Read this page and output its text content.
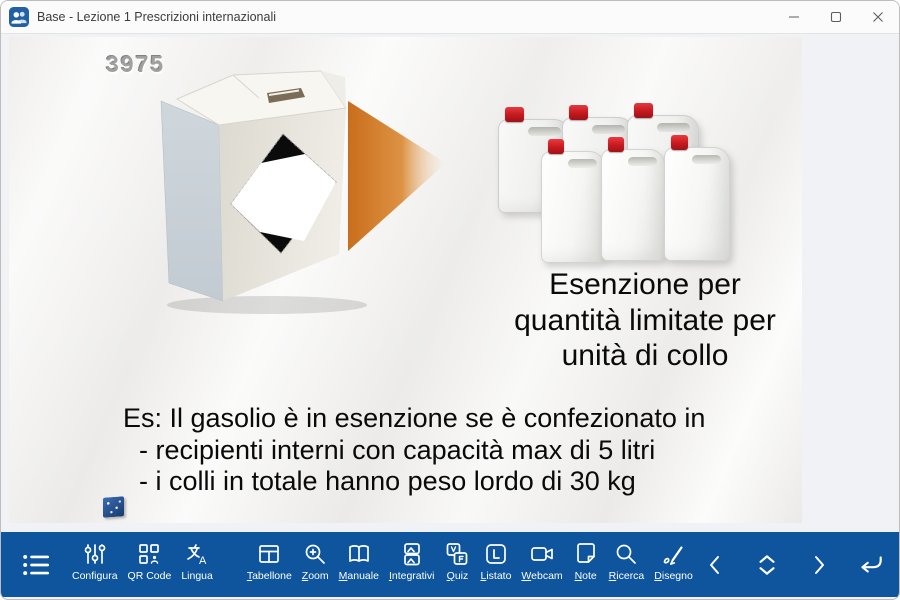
Base - Lezione 1 Prescrizioni internazionali
3975
Esenzione per
quantità limitate per
unità di collo
Es: Il gasolio è in esenzione se è confezionato in
- recipienti interni con capacità max di 5 litri
- i colli in totale hanno peso lordo di 30 kg
Configura QR Code
A
Lingua	Tabellone Zoom Manuale Integrativi Quiz Listato Webcam Note Ricerca Disegno
